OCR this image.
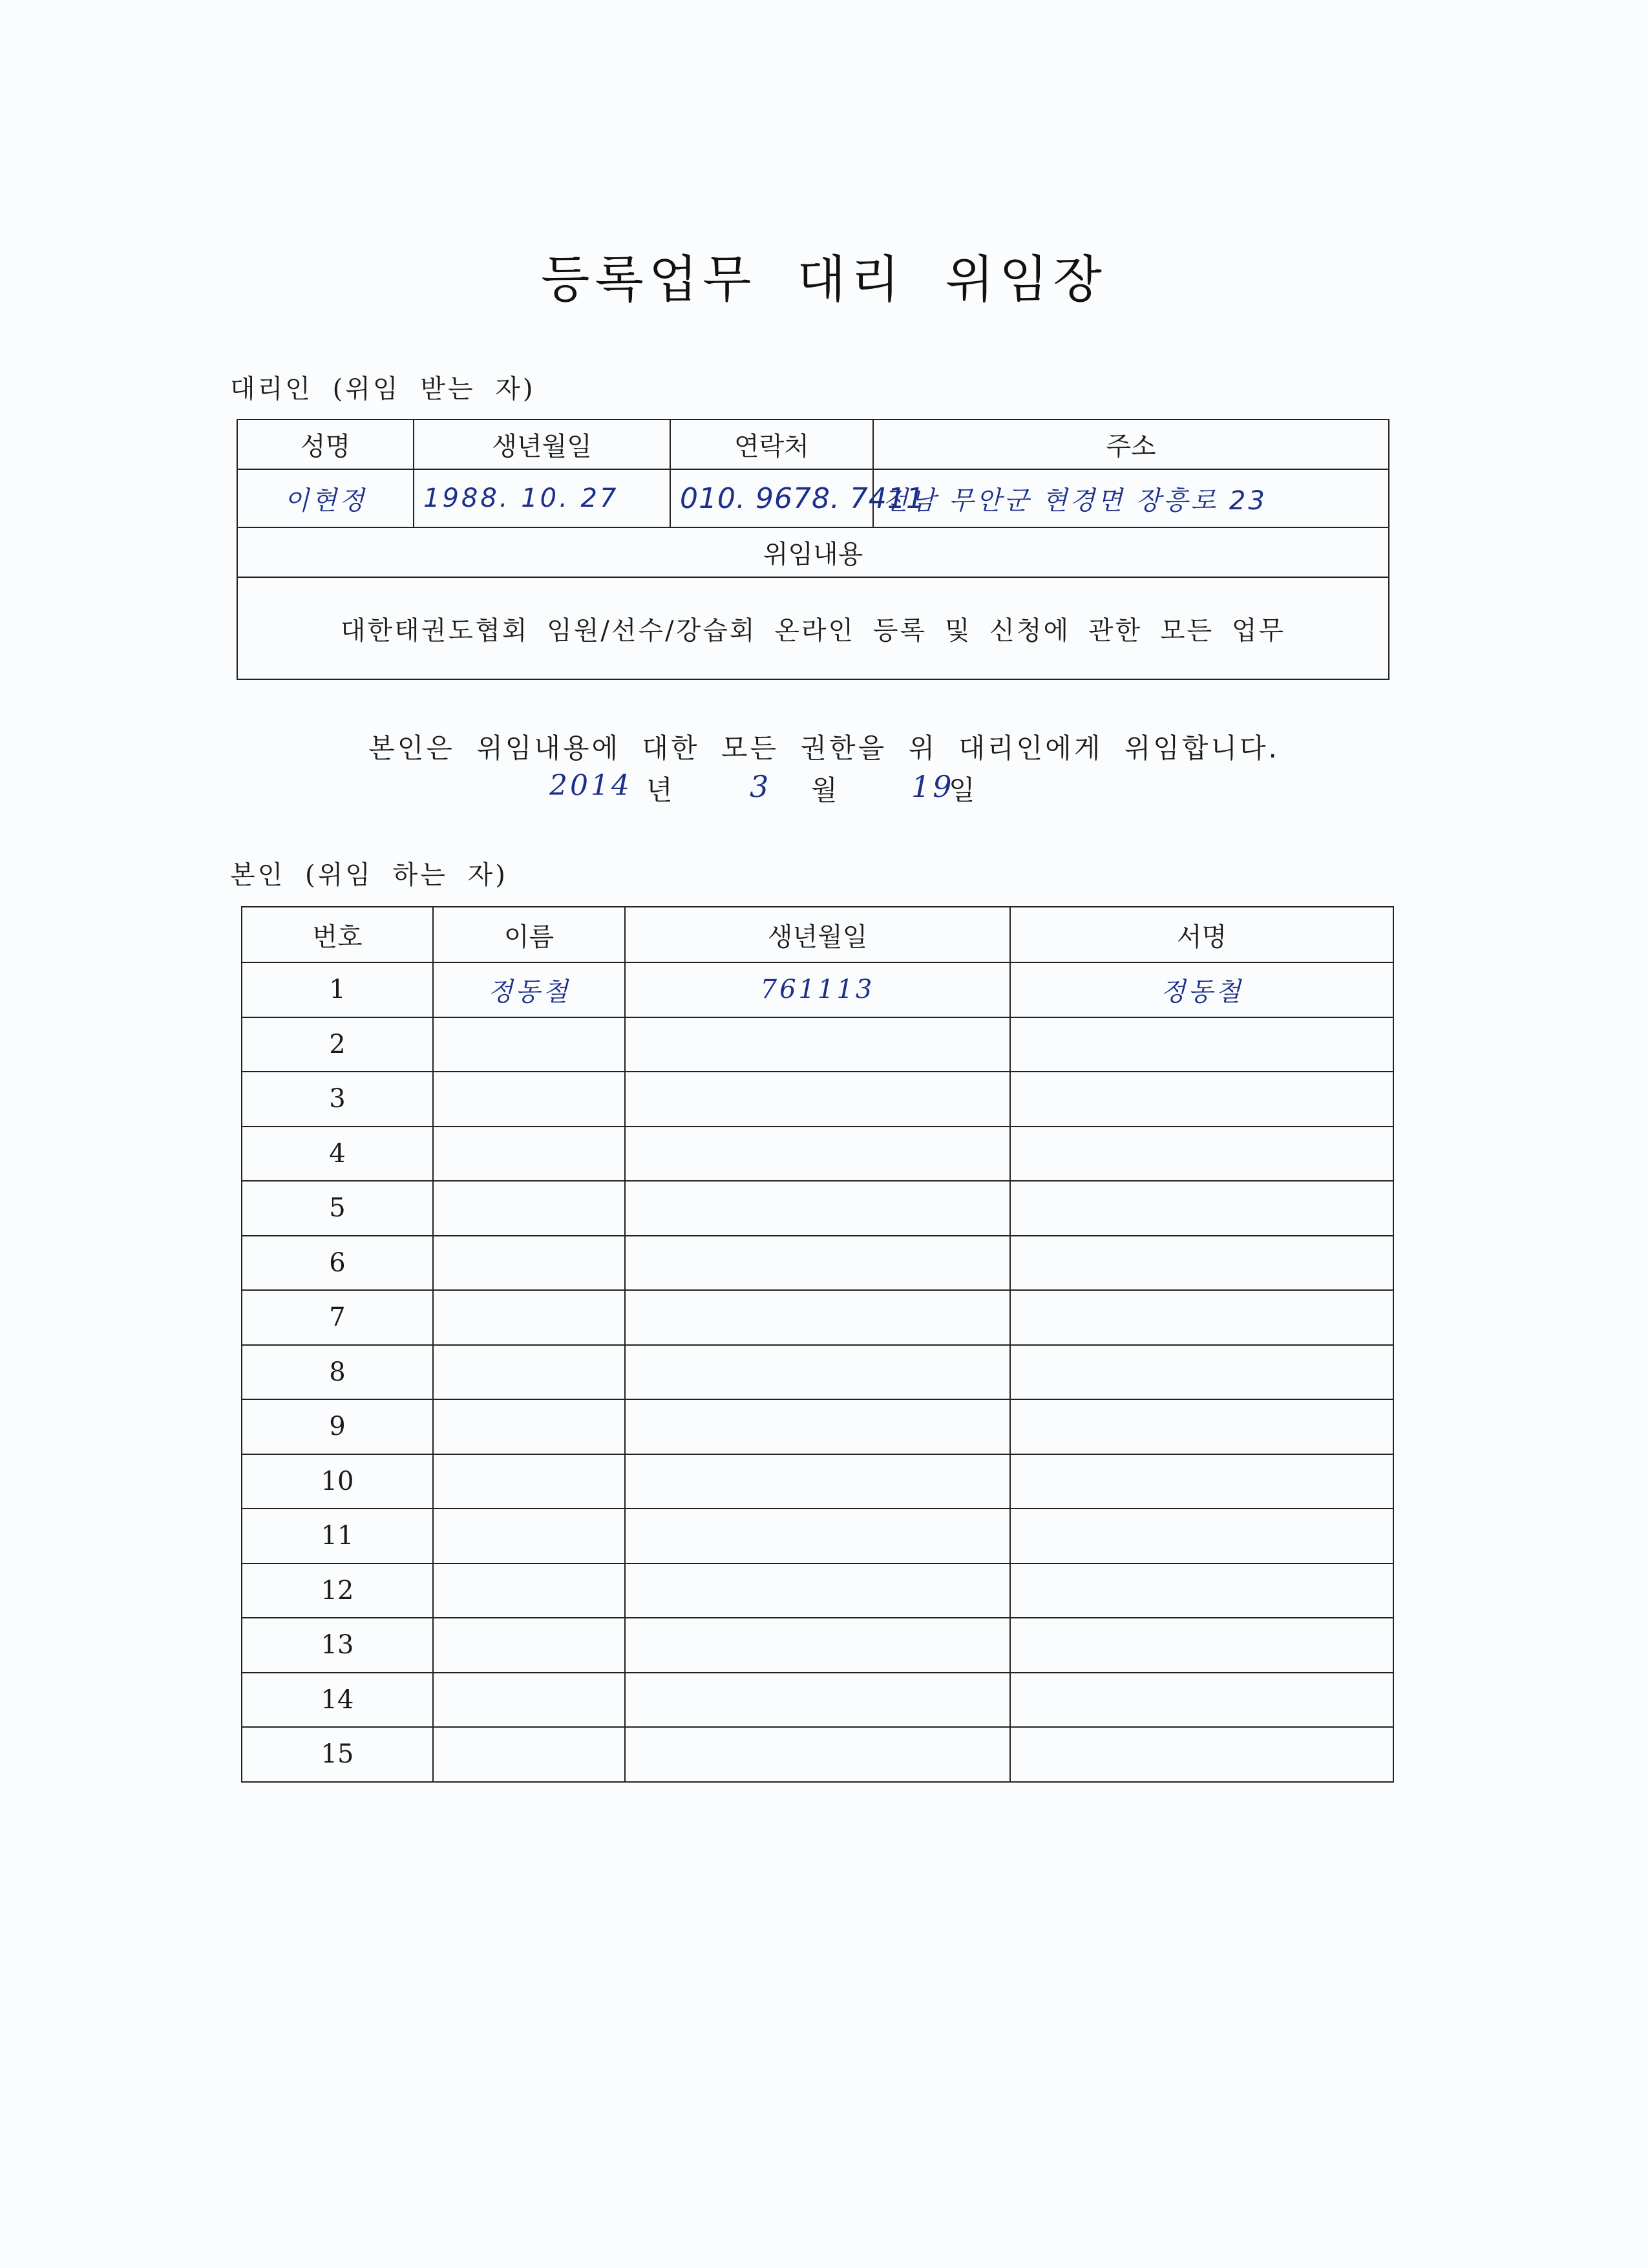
등록업무 대리 위임장
대리인 (위임 받는 자)
성명	생년월일	연락처	주소
이현정	1988. 10. 27	010. 9678. 7411	전남 무안군 현경면 장흥로 23
위임내용			
대한태권도협회 임원/선수/강습회 온라인 등록 및 신청에 관한 모든 업무			
본인은 위임내용에 대한 모든 권한을 위 대리인에게 위임합니다.
2014 년	3 월 19
일
본인 (위임 하는 자)
번호	이름	생년월일	서명
1	정동철	761113	정동철
2			
3			
4			
5			
6			
7			
8			
9			
10			
11			
12			
13			
14			
15			
